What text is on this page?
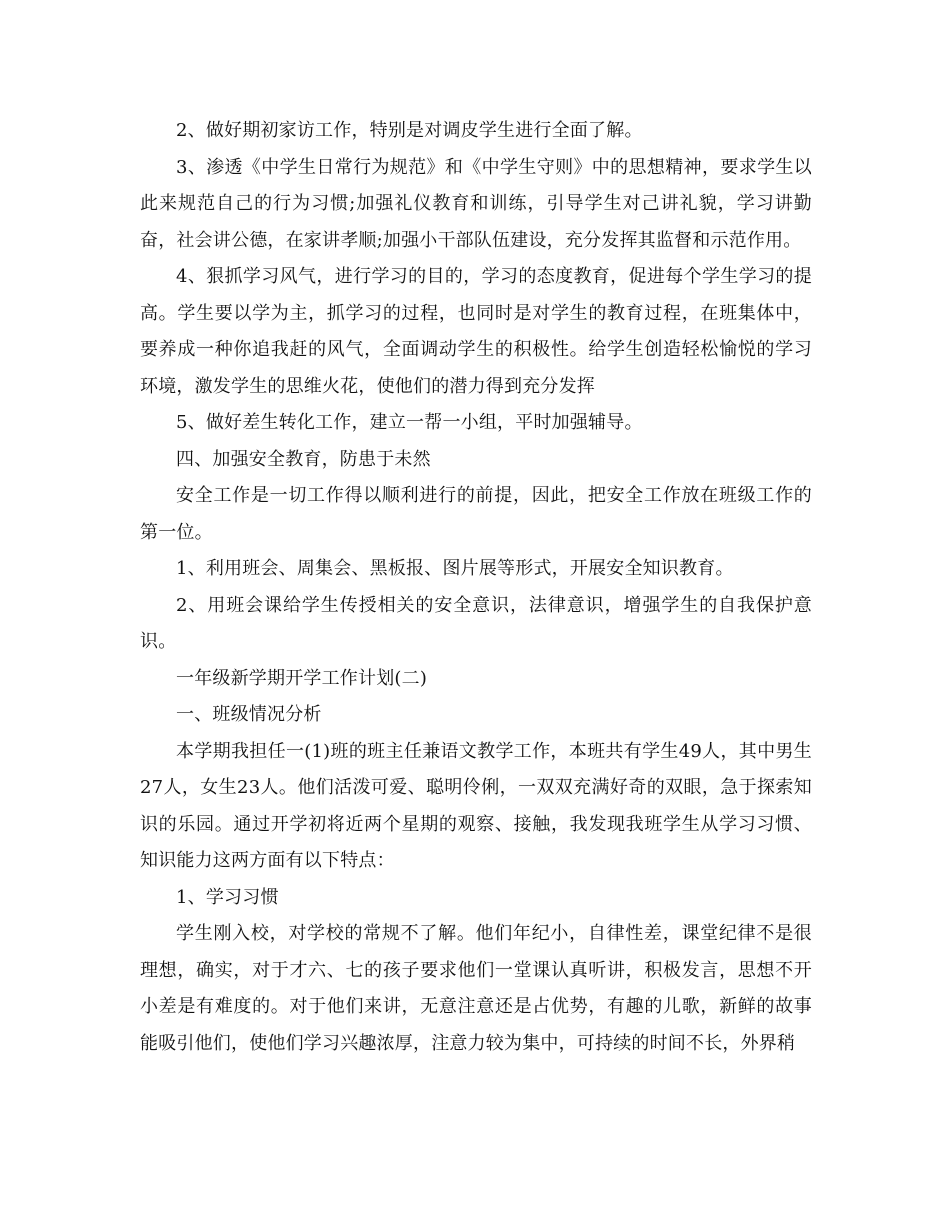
2、做好期初家访工作，特别是对调皮学生进行全面了解。

3、渗透《中学生日常行为规范》和《中学生守则》中的思想精神，要求学生以此来规范自己的行为习惯;加强礼仪教育和训练，引导学生对己讲礼貌，学习讲勤奋，社会讲公德，在家讲孝顺;加强小干部队伍建设，充分发挥其监督和示范作用。

4、狠抓学习风气，进行学习的目的，学习的态度教育，促进每个学生学习的提高。学生要以学为主，抓学习的过程，也同时是对学生的教育过程，在班集体中，要养成一种你追我赶的风气，全面调动学生的积极性。给学生创造轻松愉悦的学习环境，激发学生的思维火花，使他们的潜力得到充分发挥

5、做好差生转化工作，建立一帮一小组，平时加强辅导。

四、加强安全教育，防患于未然

安全工作是一切工作得以顺利进行的前提，因此，把安全工作放在班级工作的第一位。

1、利用班会、周集会、黑板报、图片展等形式，开展安全知识教育。

2、用班会课给学生传授相关的安全意识，法律意识，增强学生的自我保护意识。

一年级新学期开学工作计划(二)

一、班级情况分析

本学期我担任一(1)班的班主任兼语文教学工作，本班共有学生49人，其中男生27人，女生23人。他们活泼可爱、聪明伶俐，一双双充满好奇的双眼，急于探索知识的乐园。通过开学初将近两个星期的观察、接触，我发现我班学生从学习习惯、知识能力这两方面有以下特点：

1、学习习惯

学生刚入校，对学校的常规不了解。他们年纪小，自律性差，课堂纪律不是很理想，确实，对于才六、七的孩子要求他们一堂课认真听讲，积极发言，思想不开小差是有难度的。对于他们来讲，无意注意还是占优势，有趣的儿歌，新鲜的故事能吸引他们，使他们学习兴趣浓厚，注意力较为集中，可持续的时间不长，外界稍
